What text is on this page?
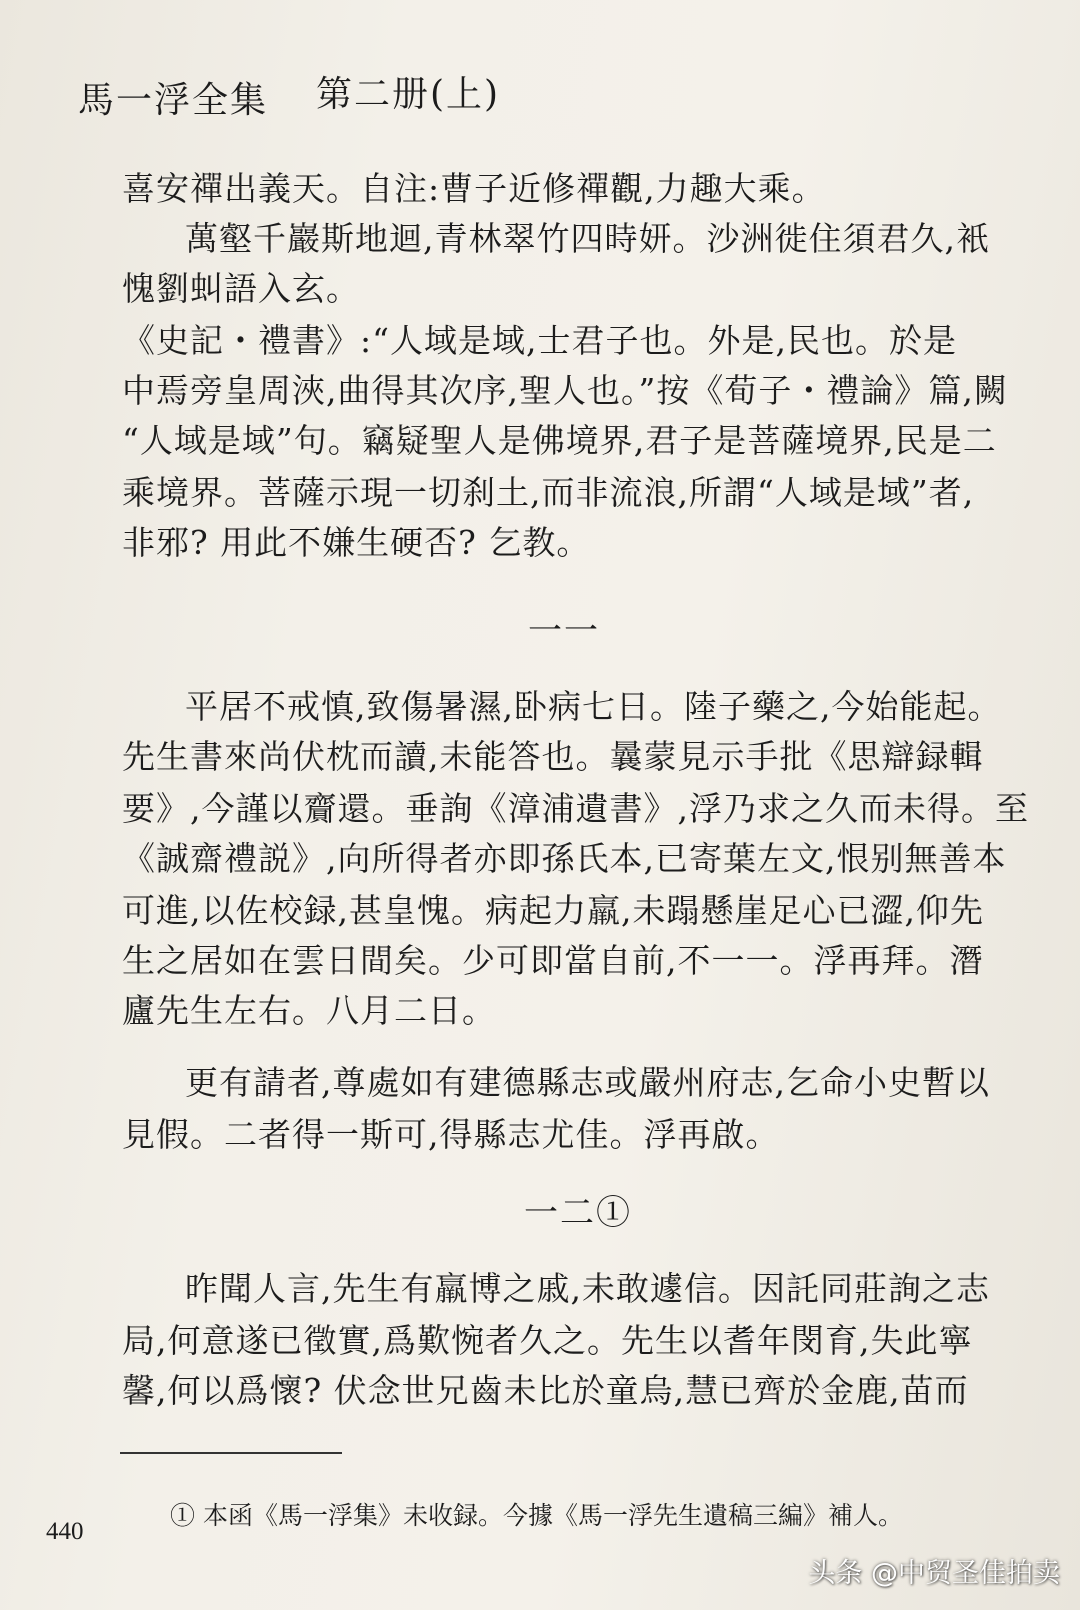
馬一浮全集 第二册(上)
喜安禪出義天。自注:曹子近修禪觀,力趣大乘。
萬壑千巖斯地迴,青林翠竹四時妍。沙洲徙住須君久,衹
愧劉虯語入玄。
《史記・禮書》:“人域是域,士君子也。外是,民也。於是
中焉旁皇周浹,曲得其次序,聖人也。”按《荀子・禮論》篇,闕
“人域是域”句。竊疑聖人是佛境界,君子是菩薩境界,民是二
乘境界。菩薩示現一切刹土,而非流浪,所謂“人域是域”者,
非邪? 用此不嫌生硬否? 乞教。
一一
平居不戒慎,致傷暑濕,卧病七日。陸子藥之,今始能起。
先生書來尚伏枕而讀,未能答也。曩蒙見示手批《思辯録輯
要》,今謹以齎還。垂詢《漳浦遺書》,浮乃求之久而未得。至
《誠齋禮説》,向所得者亦即孫氏本,已寄葉左文,恨别無善本
可進,以佐校録,甚皇愧。病起力羸,未蹋懸崖足心已澀,仰先
生之居如在雲日間矣。少可即當自前,不一一。浮再拜。潛
廬先生左右。八月二日。
更有請者,尊處如有建德縣志或嚴州府志,乞命小史暫以
見假。二者得一斯可,得縣志尤佳。浮再啟。
一二①
昨聞人言,先生有羸博之戚,未敢遽信。因託同莊詢之志
局,何意遂已徵實,爲歎惋者久之。先生以耆年閔育,失此寧
馨,何以爲懷? 伏念世兄齒未比於童烏,慧已齊於金鹿,苗而
① 本函《馬一浮集》未收録。今據《馬一浮先生遺稿三編》補人。
440
头条 @中贸圣佳拍卖
